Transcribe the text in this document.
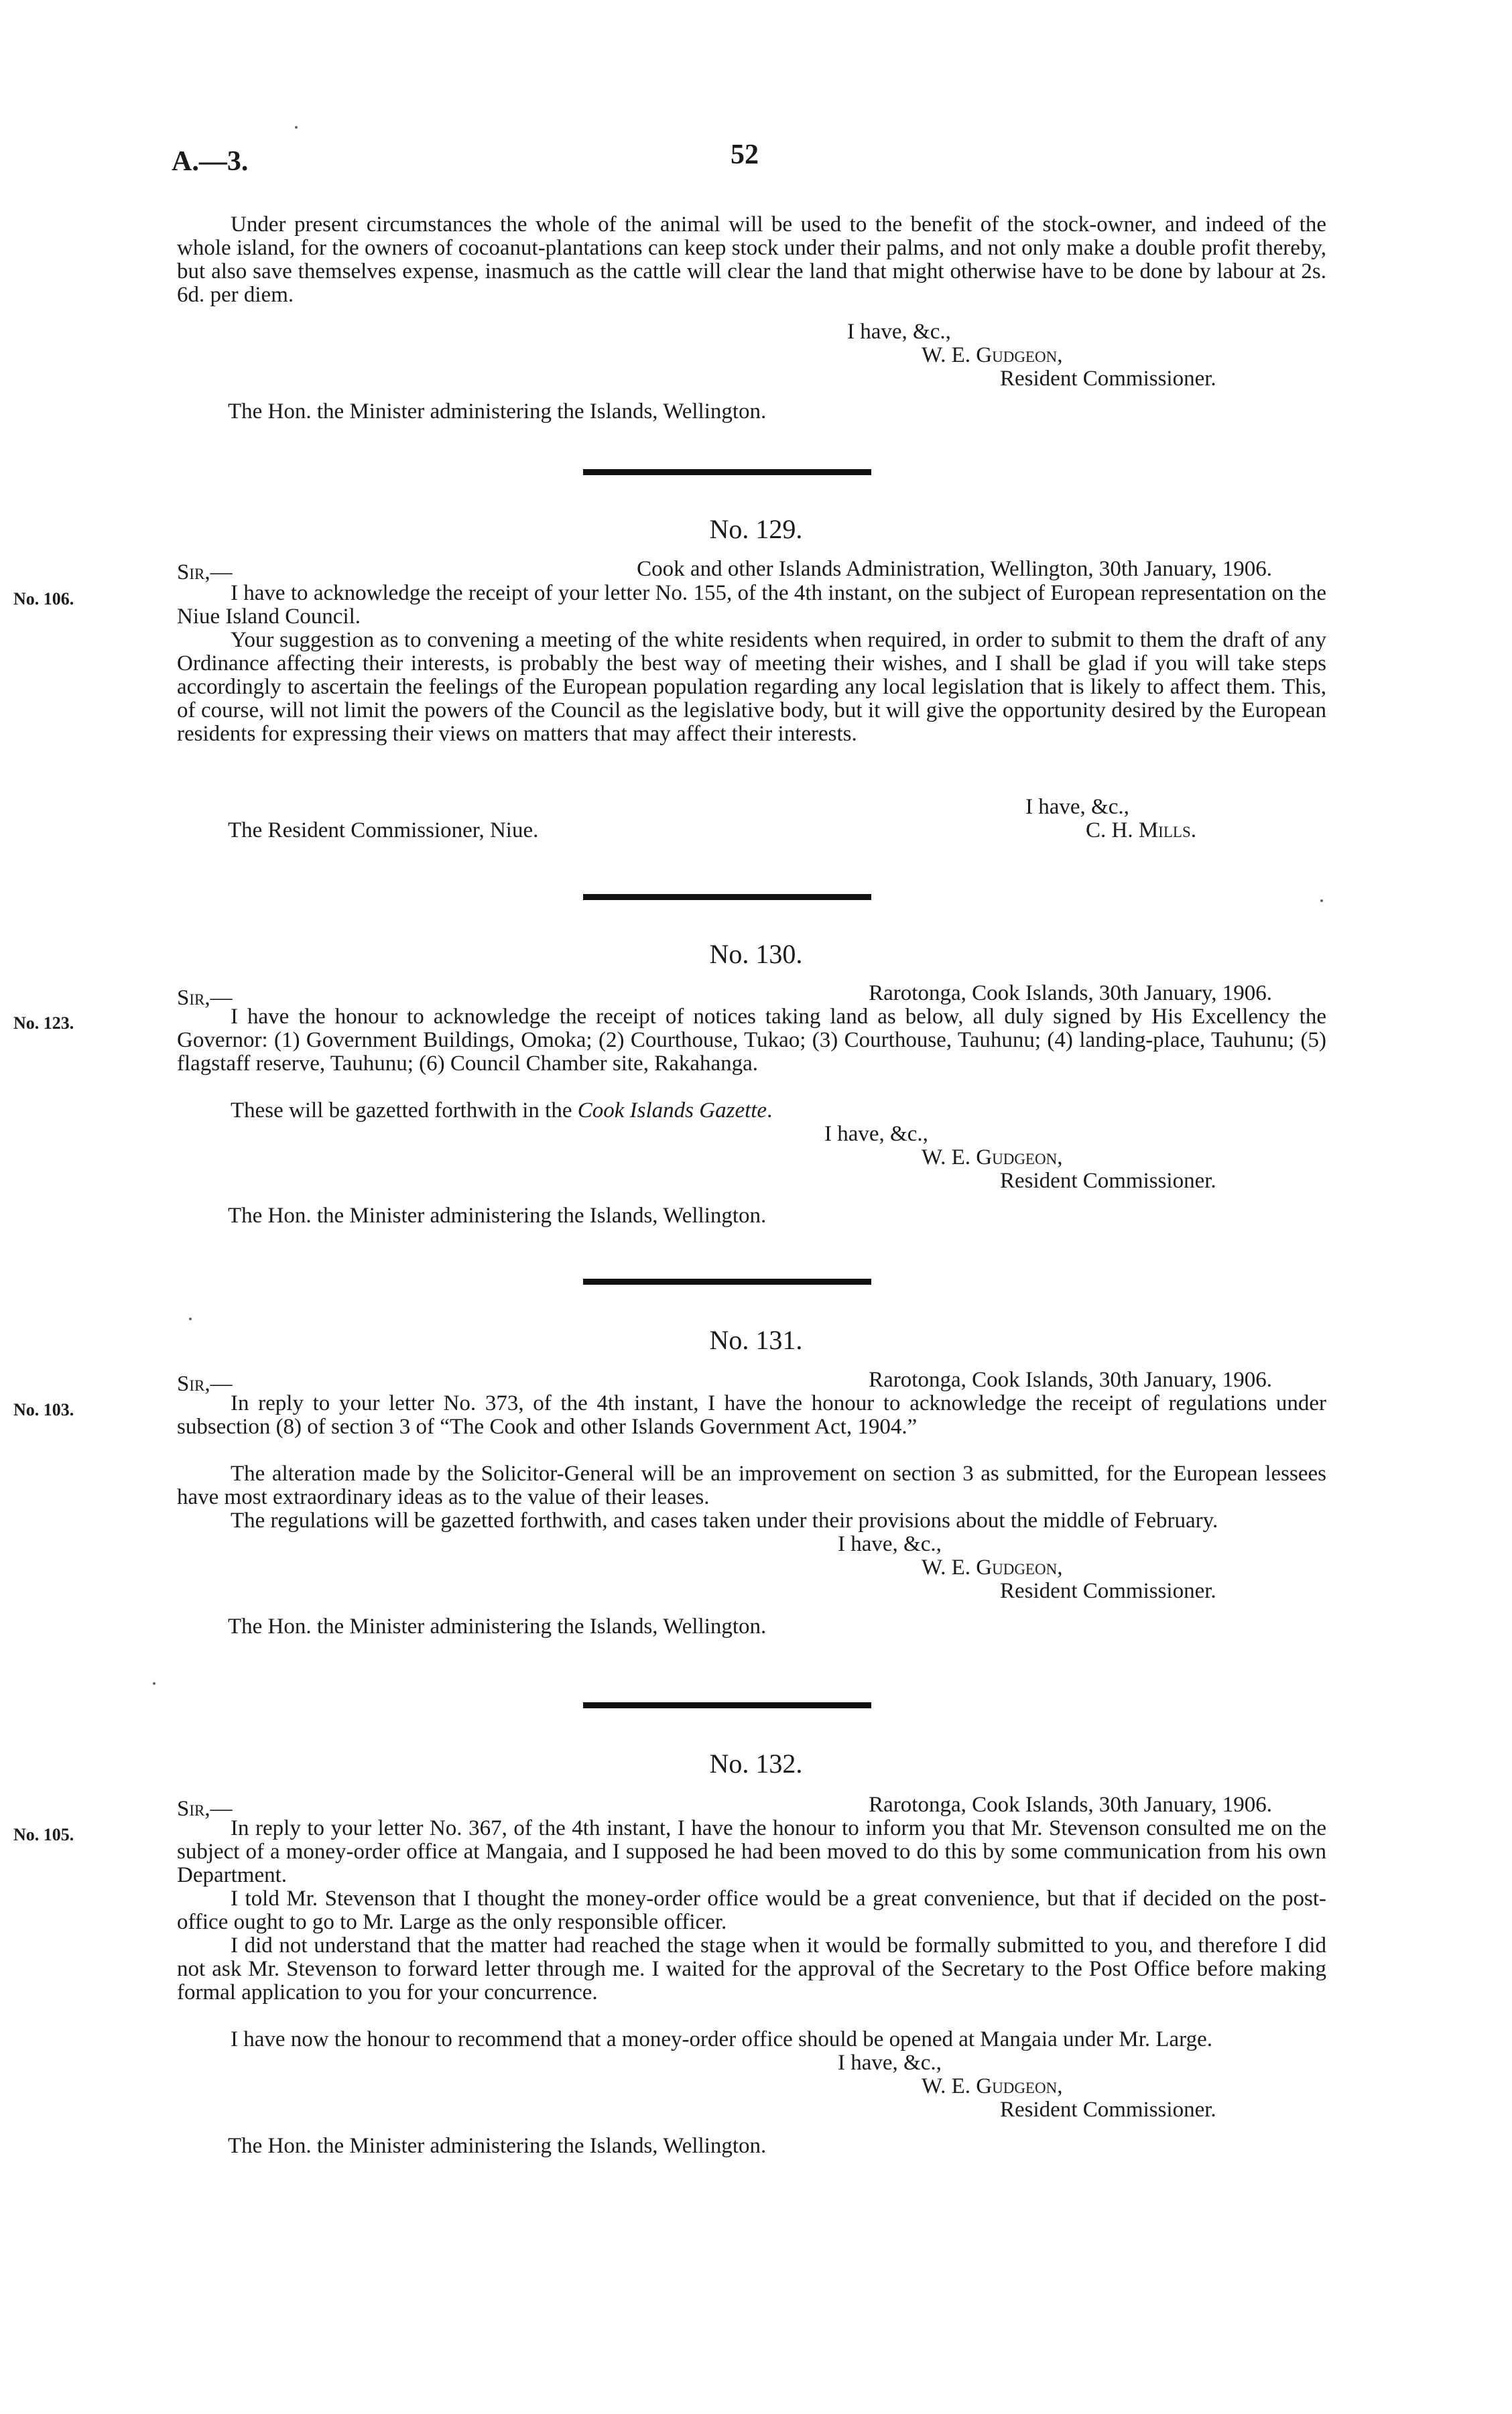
A.—3.	52
Under present circumstances the whole of the animal will be used to the benefit of the stock-owner, and indeed of the whole island, for the owners of cocoanut-plantations can keep stock under their palms, and not only make a double profit thereby, but also save themselves expense, inasmuch as the cattle will clear the land that might otherwise have to be done by labour at 2s. 6d. per diem.
I have, &c.,
W. E. Gudgeon,
Resident Commissioner.
The Hon. the Minister administering the Islands, Wellington.
No. 129.
Sir,—	Cook and other Islands Administration, Wellington, 30th January, 1906.
No. 106.	I have to acknowledge the receipt of your letter No. 155, of the 4th instant, on the subject of European representation on the Niue Island Council.
Your suggestion as to convening a meeting of the white residents when required, in order to submit to them the draft of any Ordinance affecting their interests, is probably the best way of meeting their wishes, and I shall be glad if you will take steps accordingly to ascertain the feelings of the European population regarding any local legislation that is likely to affect them. This, of course, will not limit the powers of the Council as the legislative body, but it will give the opportunity desired by the European residents for expressing their views on matters that may affect their interests.
I have, &c.,
The Resident Commissioner, Niue.	C. H. Mills.
No. 130.
Sir,—	Rarotonga, Cook Islands, 30th January, 1906.
No. 123.	I have the honour to acknowledge the receipt of notices taking land as below, all duly signed by His Excellency the Governor: (1) Government Buildings, Omoka; (2) Courthouse, Tukao; (3) Courthouse, Tauhunu; (4) landing-place, Tauhunu; (5) flagstaff reserve, Tauhunu; (6) Council Chamber site, Rakahanga.
These will be gazetted forthwith in the Cook Islands Gazette.
I have, &c.,
W. E. Gudgeon,
Resident Commissioner.
The Hon. the Minister administering the Islands, Wellington.
No. 131.
Sir,—	Rarotonga, Cook Islands, 30th January, 1906.
No. 103.	In reply to your letter No. 373, of the 4th instant, I have the honour to acknowledge the receipt of regulations under subsection (8) of section 3 of “The Cook and other Islands Government Act, 1904.”
The alteration made by the Solicitor-General will be an improvement on section 3 as submitted, for the European lessees have most extraordinary ideas as to the value of their leases.
The regulations will be gazetted forthwith, and cases taken under their provisions about the middle of February.
I have, &c.,
W. E. Gudgeon,
Resident Commissioner.
The Hon. the Minister administering the Islands, Wellington.
No. 132.
Sir,—	Rarotonga, Cook Islands, 30th January, 1906.
No. 105.	In reply to your letter No. 367, of the 4th instant, I have the honour to inform you that Mr. Stevenson consulted me on the subject of a money-order office at Mangaia, and I supposed he had been moved to do this by some communication from his own Department.
I told Mr. Stevenson that I thought the money-order office would be a great convenience, but that if decided on the post-office ought to go to Mr. Large as the only responsible officer.
I did not understand that the matter had reached the stage when it would be formally submitted to you, and therefore I did not ask Mr. Stevenson to forward letter through me. I waited for the approval of the Secretary to the Post Office before making formal application to you for your concurrence.
I have now the honour to recommend that a money-order office should be opened at Mangaia under Mr. Large.
I have, &c.,
W. E. Gudgeon,
Resident Commissioner.
The Hon. the Minister administering the Islands, Wellington.
